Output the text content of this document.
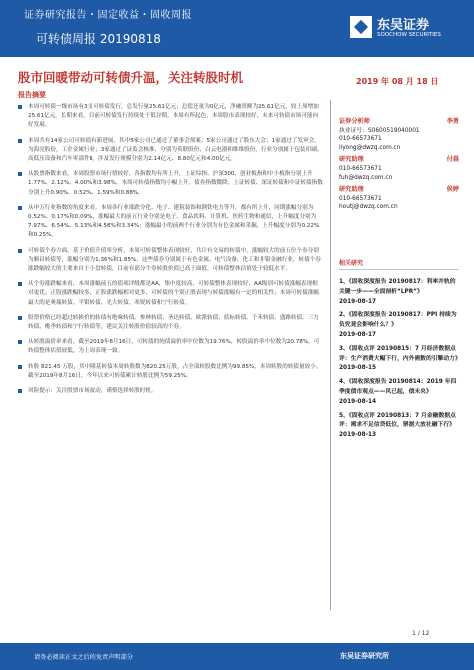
证券研究报告・固定收益・固收周报
可转债周报 20190818
东吴证券
SOOCHOW SECURITIES
股市回暖带动可转债升温，关注转股时机	2019 年 08 月 18 日
报告摘要
本周可转债一级市场有3支可转债发行，总发行量25.61亿元；总偿还量为0亿元，净融资额为25.61亿元，较上周增加25.61亿元。长期来看，目前可转债发行持续处于低谷期，本周有所起色，本周股市表现较好，未来可转债市场可能向好发展。
本周共有14家公司可转债有新进展，其中5家公司已通过了董事会预案；5家公司通过了股东大会；1家通过了发审会，为海亮股份，工企金属行业；3家通过了证监会核准，分别为英联股份、白云电器和维维股份，行业分别属于包装印刷、高低压设备和汽车零部件Ⅱ，涉及发行规模分别为2.14亿元、8.80亿元和4.00亿元。
从股票指数来看，本周股票市场行情较好，各指数均有所上升，上证综指、沪深300、创业板指和中小板指分别上升1.77%、2.12%、4.00%和3.98%。本周可转债指数均小幅上升，债券指数微降，上证转债、深证转债和中证转债指数分别上升0.90%、0.52%、1.59%和0.88%。
从申万行业指数的角度来看，本周各行业涨跌分化，电子、建筑装饰和钢铁电力等升，都有所上升，同期涨幅分别为0.52%、0.17%和0.09%，涨幅最大的前五行业分别是电子、食品饮料、计算机、医药生物和通信，上升幅度分别为7.97%、6.54%、5.13%和4.58%和3.34%；涨幅最小的前两个行业分别为有色金属和采掘，上升幅度分别为0.22%和0.25%。
可转债个券方面，基于价值升值率分析，本周可转债整体表现较好，共计有交易的转债中，涨幅较大的前五位个券分别为顺昌转债等，涨幅分别为1.36%和1.85%，这些债券分别属于有色金属、电气设备、化工和非银金融行业，转债个券涨跌幅较大的主要来自于小盘转债，目前有部分个券转股价值已高于面值，可转债整体估值处于较低水平。
从个券涨跌幅来看，本周涨幅前五的债项评级都是AA，集中度较高，可转债整体表现较好，AA级别可转债涨幅表现相对更优；正股涨跌幅较多，正股涨跌幅相对更多，可转债的个别正股表现与转债涨幅有一定的相关性；本周可转债涨幅最大的是奥瑞转债、平银转债、光大转债、寒锐转债和宁行转债。
股票价格已经超过转换价的转债有绝味转债、参林转债、圣达转债、欧派转债、蓝标转债、千禾转债、盛路转债、三力转债、桃李转债和宁行转债等，建议关注转股价值较高的个券。
从转股溢价率来看，截至2019年8月16日，可转债的纯债溢价率中位数为19.76%，转股溢价率中位数为20.78%，可转债整体估值较低，为上周表现一致。
转股 821.45 万股，其中隆基转债本周转股数为820.25万股，占全部转股数比例为99.85%，本周转股的转债量较小。截至2019年8月16日，今年以来可转债累计转股比例为59.25%。
风险提示：关注股票市场波动，谨慎选择转股时机。
证券分析师	李勇
执业证号：S0600519040001
010-66573671
liyong@dwzq.com.cn
研究助理	付晨
010-66573671
fuh@dwzq.com.cn
研究助理	侯婷
010-66573671
houtj@dwzq.com.cn
相关研究
1、《固收深度报告 20190817：利率并轨的关键一步——全面剖析“LPR”》
2019-08-17
2、《固收深度报告 20190817：PPI 持续为负究竟会影响什么？》
2019-08-17
3、《固收点评 20190815：7 月经济数据点评：生产消费大幅下行，内外需数的引擎动力》
2019-08-15
4、《固收深度报告 20190814：2019 年四季度债市观点——风已起，债未央》
2019-08-14
5、《固收点评 20190813：7 月金融数据点评：需求不足信贷低位，票据大放社融下行》
2019-08-13
1 / 12
请务必阅读正文之后的免责声明部分	东吴证券研究所
